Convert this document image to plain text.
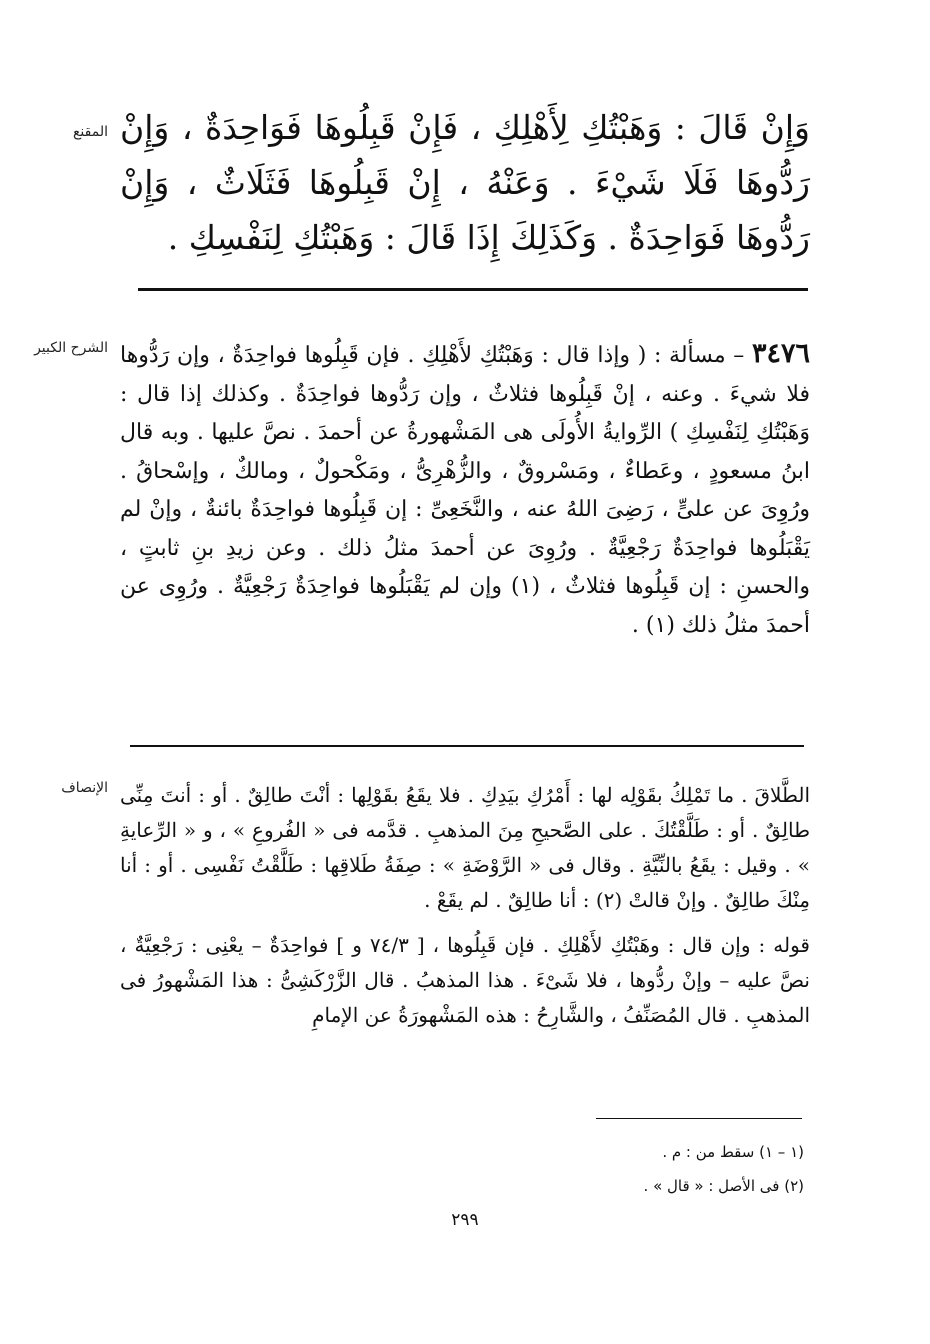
المقنع وَإِنْ قَالَ : وَهَبْتُكِ لِأَهْلِكِ ، فَإِنْ قَبِلُوهَا فَوَاحِدَةٌ ، وَإِنْ رَدُّوهَا فَلَا شَيْءَ . وَعَنْهُ ، إِنْ قَبِلُوهَا فَثَلَاثٌ ، وَإِنْ رَدُّوهَا فَوَاحِدَةٌ . وَكَذَلِكَ إِذَا قَالَ : وَهَبْتُكِ لِنَفْسِكِ .

الشرح الكبير	٣٤٧٦ – مسألة : ( وإذا قال : وَهَبْتُكِ لأَهْلِكِ . فإن قَبِلُوها فواحِدَةٌ ، وإن رَدُّوها فلا شيءَ . وعنه ، إنْ قَبِلُوها فثلاثٌ ، وإن رَدُّوها فواحِدَةٌ . وكذلك إذا قال : وَهَبْتُكِ لِنَفْسِكِ ) الرِّوايةُ الأُولَى هى المَشْهورةُ عن أحمدَ . نصَّ عليها . وبه قال ابنُ مسعودٍ ، وعَطاءٌ ، ومَسْروقٌ ، والزُّهْرِىُّ ، ومَكْحولٌ ، ومالكٌ ، وإسْحاقُ . ورُوِىَ عن علىٍّ ، رَضِىَ اللهُ عنه ، والنَّخَعِىِّ : إن قَبِلُوها فواحِدَةٌ بائنةٌ ، وإنْ لم يَقْبَلُوها فواحِدَةٌ رَجْعِيَّةٌ . ورُوِىَ عن أحمدَ مثلُ ذلك . وعن زيدِ بنِ ثابتٍ ، والحسنِ : إن قَبِلُوها فثلاثٌ ، (١) وإن لم يَقْبَلُوها فواحِدَةٌ رَجْعِيَّةٌ . ورُوِى عن أحمدَ مثلُ ذلك (١) .

الإنصاف الطَّلاقَ . ما تَمْلِكُ بقَوْلِه لها : أَمْرُكِ بيَدِكِ . فلا يقَعُ بقَوْلِها : أنْتَ طالِقٌ . أو : أنتَ مِنِّى طالِقٌ . أو : طَلَّقْتُكَ . على الصَّحيحِ مِنَ المذهبِ . قدَّمه فى « الفُروعِ » ، و « الرِّعايةِ » . وقيل : يقَعُ بالنِّيَّةِ . وقال فى « الرَّوْضَةِ » : صِفَةُ طَلاقِها : طَلَّقْتُ نَفْسِى . أو : أنا مِنْكَ طالِقٌ . وإنْ قالتْ (٢) : أنا طالِقٌ . لم يقَعْ .

قوله : وإن قال : وهَبْتُكِ لأَهْلِكِ . فإن قَبِلُوها ، [ ٧٤/٣ و ] فواحِدَةٌ – يعْنِى : رَجْعِيَّةٌ ، نصَّ عليه – وإنْ ردُّوها ، فلا شَىْءَ . هذا المذهبُ . قال الزَّرْكَشِىُّ : هذا المَشْهورُ فى المذهبِ . قال المُصَنِّفُ ، والشَّارِحُ : هذه المَشْهورَةُ عن الإمامِ

(١ – ١) سقط من : م .
(٢) فى الأصل : « قال » .
٢٩٩
